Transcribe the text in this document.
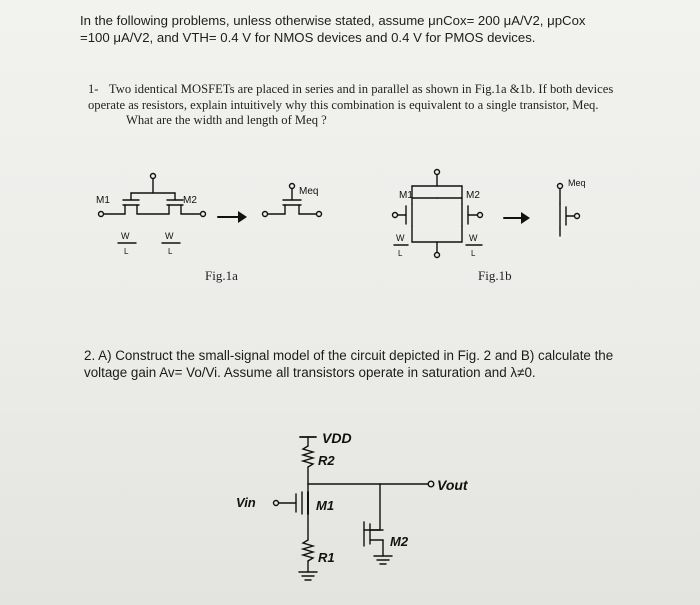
In the following problems, unless otherwise stated, assume μnCox= 200 μA/V2, μpCox
=100 μA/V2, and VTH= 0.4 V for NMOS devices and 0.4 V for PMOS devices.
1- Two identical MOSFETs are placed in series and in parallel as shown in Fig.1a &1b. If both devices operate as resistors, explain intuitively why this combination is equivalent to a single transistor, Meq.
What are the width and length of Meq ?
M1	M2
Meq
W
L
W
L
M1	M2
Meq
W
L
W
L
VDD
R2
M1
Vin
Vout
M2
R1
Fig.1a	Fig.1b
2. A) Construct the small-signal model of the circuit depicted in Fig. 2 and B) calculate the voltage gain Av= Vo/Vi. Assume all transistors operate in saturation and λ≠0.
